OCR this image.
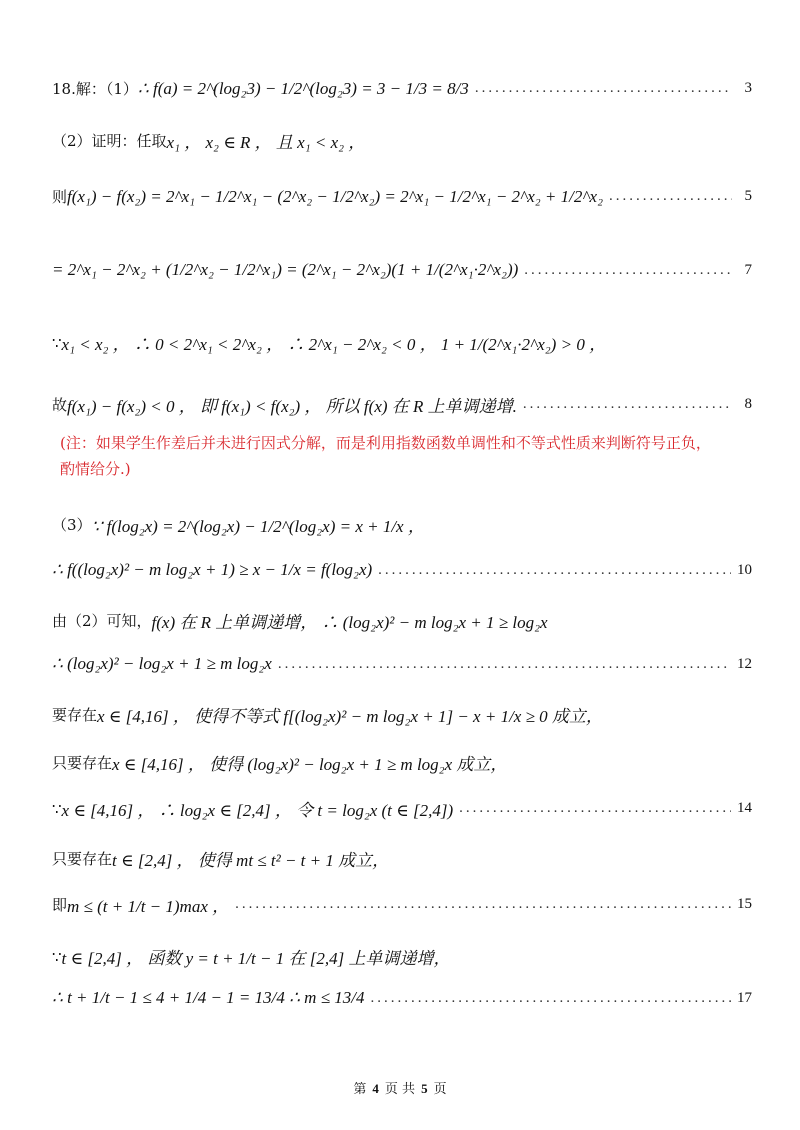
18.解：（1） ∴ f(a) = 2^(log₂3) − 1/2^(log₂3) = 3 − 1/3 = 8/3 .....	3
（2）证明：任取 x₁ ， x₂ ∈ R ， 且 x₁ < x₂ ，
则 f(x₁) − f(x₂) = 2^x₁ − 1/2^x₁ − (2^x₂ − 1/2^x₂) = 2^x₁ − 1/2^x₁ − 2^x₂ + 1/2^x₂ .....	5
= 2^x₁ − 2^x₂ + (1/2^x₂ − 1/2^x₁) = (2^x₁ − 2^x₂)(1 + 1/(2^x₁·2^x₂)) .....	7
∵ x₁ < x₂ ， ∴ 0 < 2^x₁ < 2^x₂ ， ∴ 2^x₁ − 2^x₂ < 0 ， 1 + 1/(2^x₁·2^x₂) > 0 ，
故 f(x₁) − f(x₂) < 0 ， 即 f(x₁) < f(x₂) ， 所以 f(x) 在 R 上单调递增. .....	8
(注：如果学生作差后并未进行因式分解，而是利用指数函数单调性和不等式性质来判断符号正负，酌情给分.)
（3） ∵ f(log₂x) = 2^(log₂x) − 1/2^(log₂x) = x + 1/x ，
∴ f((log₂x)² − m log₂x + 1) ≥ x − 1/x = f(log₂x) .....	10
由（2）可知， f(x) 在 R 上单调递增， ∴ (log₂x)² − m log₂x + 1 ≥ log₂x
∴ (log₂x)² − log₂x + 1 ≥ m log₂x .....	12
要存在 x ∈ [4,16] ， 使得不等式 f[(log₂x)² − m log₂x + 1] − x + 1/x ≥ 0 成立，
只要存在 x ∈ [4,16] ， 使得 (log₂x)² − log₂x + 1 ≥ m log₂x 成立，
∵ x ∈ [4,16] ， ∴ log₂x ∈ [2,4] ， 令 t = log₂x (t ∈ [2,4]) .....	14
只要存在 t ∈ [2,4] ， 使得 mt ≤ t² − t + 1 成立，
即 m ≤ (t + 1/t − 1)max ， .....	15
∵ t ∈ [2,4] ， 函数 y = t + 1/t − 1 在 [2,4] 上单调递增，
∴ t + 1/t − 1 ≤ 4 + 1/4 − 1 = 13/4 ∴ m ≤ 13/4 .....	17
第 4 页 共 5 页
